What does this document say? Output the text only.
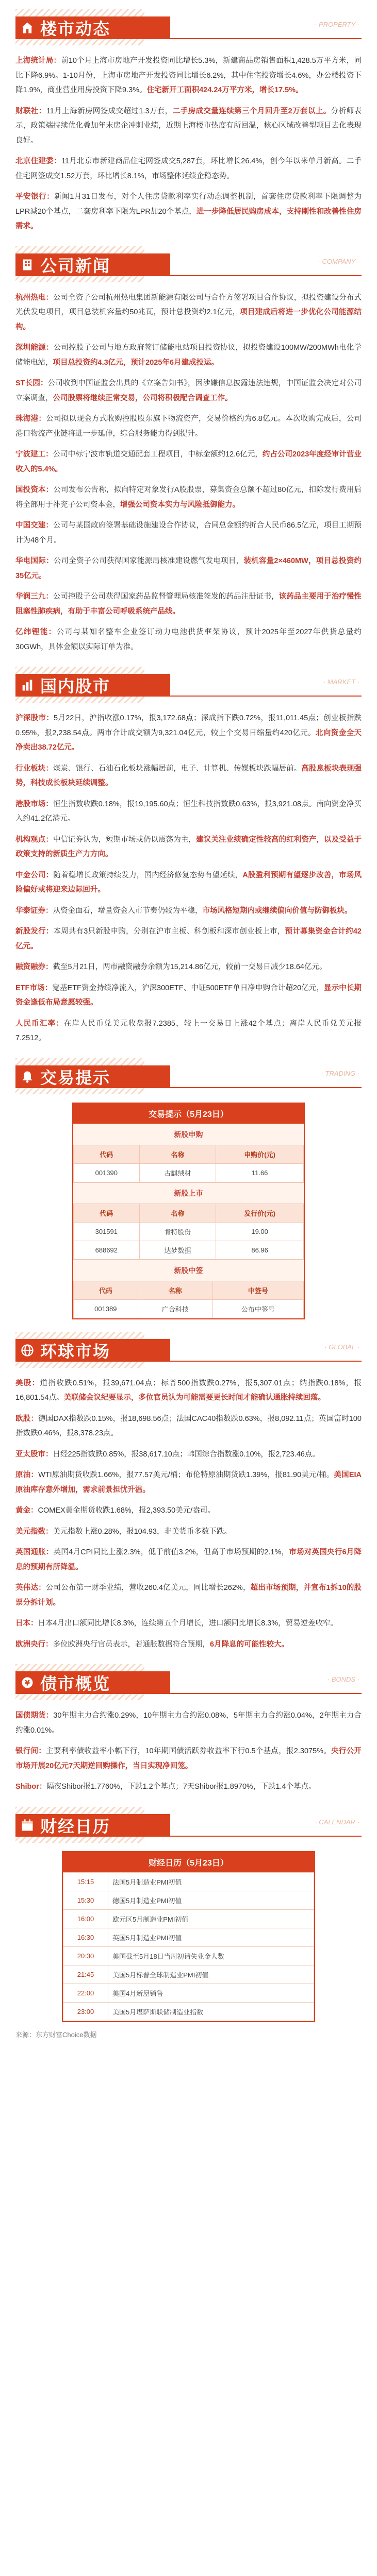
楼市动态	· PROPERTY ·

上海统计局：前10个月上海市房地产开发投资同比增长5.3%，新建商品房销售面积1,428.5万平方米，同比下降6.9%。1-10月份，上海市房地产开发投资同比增长6.2%，其中住宅投资增长4.6%，办公楼投资下降1.9%，商业营业用房投资下降9.3%。住宅新开工面积424.24万平方米，增长17.5%。

财联社：11月上海新房网签成交超过1.3万套，二手房成交量连续第三个月回升至2万套以上。分析师表示，政策端持续优化叠加年末房企冲刺业绩，近期上海楼市热度有所回温，核心区域改善型项目去化表现良好。

北京住建委：11月北京市新建商品住宅网签成交5,287套，环比增长26.4%，创今年以来单月新高。二手住宅网签成交1.52万套，环比增长8.1%，市场整体延续企稳态势。

平安银行：新闻1月31日发布，对个人住房贷款利率实行动态调整机制，首套住房贷款利率下限调整为LPR减20个基点，二套房利率下限为LPR加20个基点，进一步降低居民购房成本，支持刚性和改善性住房需求。

公司新闻	· COMPANY ·

杭州热电：公司全资子公司杭州热电集团新能源有限公司与合作方签署项目合作协议，拟投资建设分布式光伏发电项目，项目总装机容量约50兆瓦，预计总投资约2.1亿元，项目建成后将进一步优化公司能源结构。

深圳能源：公司控股子公司与地方政府签订储能电站项目投资协议，拟投资建设100MW/200MWh电化学储能电站，项目总投资约4.3亿元，预计2025年6月建成投运。

ST长园：公司收到中国证监会出具的《立案告知书》，因涉嫌信息披露违法违规，中国证监会决定对公司立案调查，公司股票将继续正常交易，公司将积极配合调查工作。

珠海港：公司拟以现金方式收购控股股东旗下物流资产，交易价格约为6.8亿元。本次收购完成后，公司港口物流产业链将进一步延伸，综合服务能力得到提升。

宁波建工：公司中标宁波市轨道交通配套工程项目，中标金额约12.6亿元，约占公司2023年度经审计营业收入的5.4%。

国投资本：公司发布公告称，拟向特定对象发行A股股票，募集资金总额不超过80亿元，扣除发行费用后将全部用于补充子公司资本金，增强公司资本实力与风险抵御能力。

中国交建：公司与某国政府签署基础设施建设合作协议，合同总金额约折合人民币86.5亿元，项目工期预计为48个月。

华电国际：公司全资子公司获得国家能源局核准建设燃气发电项目，装机容量2×460MW，项目总投资约35亿元。

华润三九：公司控股子公司获得国家药品监督管理局核准签发的药品注册证书，该药品主要用于治疗慢性阻塞性肺疾病，有助于丰富公司呼吸系统产品线。

亿纬锂能：公司与某知名整车企业签订动力电池供货框架协议，预计2025年至2027年供货总量约30GWh，具体金额以实际订单为准。

国内股市	· MARKET ·

沪深股市：5月22日，沪指收涨0.17%，报3,172.68点；深成指下跌0.72%，报11,011.45点；创业板指跌0.95%，报2,238.54点。两市合计成交额为9,321.04亿元，较上个交易日缩量约420亿元。北向资金全天净卖出38.72亿元。

行业板块：煤炭、银行、石油石化板块涨幅居前，电子、计算机、传媒板块跌幅居前。高股息板块表现强势，科技成长板块延续调整。

港股市场：恒生指数收跌0.18%，报19,195.60点；恒生科技指数跌0.63%，报3,921.08点。南向资金净买入约41.2亿港元。

机构观点：中信证券认为，短期市场或仍以震荡为主，建议关注业绩确定性较高的红利资产，以及受益于政策支持的新质生产力方向。

中金公司：随着稳增长政策持续发力，国内经济修复态势有望延续，A股盈利预期有望逐步改善，市场风险偏好或将迎来边际回升。

华泰证券：从资金面看，增量资金入市节奏仍较为平稳，市场风格短期内或继续偏向价值与防御板块。

新股发行：本周共有3只新股申购，分别在沪市主板、科创板和深市创业板上市，预计募集资金合计约42亿元。

融资融券：截至5月21日，两市融资融券余额为15,214.86亿元，较前一交易日减少18.64亿元。

ETF市场：宽基ETF资金持续净流入，沪深300ETF、中证500ETF单日净申购合计超20亿元，显示中长期资金逢低布局意愿较强。

人民币汇率：在岸人民币兑美元收盘报7.2385，较上一交易日上涨42个基点；离岸人民币兑美元报7.2512。

交易提示	· TRADING ·
交易提示（5月23日）
新股申购
代码	名称	申购价(元)
001390	古麒绒材	11.66
新股上市
代码	名称	发行价(元)
301591	肯特股份	19.00
688692	达梦数据	86.96
新股中签
代码	名称	中签号
001389	广合科技	公布中签号
环球市场	· GLOBAL ·

美股：道指收跌0.51%，报39,671.04点；标普500指数跌0.27%，报5,307.01点；纳指跌0.18%，报16,801.54点。美联储会议纪要显示，多位官员认为可能需要更长时间才能确认通胀持续回落。

欧股：德国DAX指数跌0.15%，报18,698.56点；法国CAC40指数跌0.63%，报8,092.11点；英国富时100指数跌0.46%，报8,378.23点。

亚太股市：日经225指数跌0.85%，报38,617.10点；韩国综合指数涨0.10%，报2,723.46点。

原油：WTI原油期货收跌1.66%，报77.57美元/桶；布伦特原油期货跌1.39%，报81.90美元/桶。美国EIA原油库存意外增加，需求前景担忧升温。

黄金：COMEX黄金期货收跌1.68%，报2,393.50美元/盎司。

美元指数：美元指数上涨0.28%，报104.93，非美货币多数下跌。

英国通胀：英国4月CPI同比上涨2.3%，低于前值3.2%，但高于市场预期的2.1%，市场对英国央行6月降息的预期有所降温。

英伟达：公司公布第一财季业绩，营收260.4亿美元，同比增长262%，超出市场预期，并宣布1拆10的股票分拆计划。

日本：日本4月出口额同比增长8.3%，连续第五个月增长，进口额同比增长8.3%，贸易逆差收窄。

欧洲央行：多位欧洲央行官员表示，若通胀数据符合预期，6月降息的可能性较大。

¥ 债市概览	· BONDS ·

国债期货：30年期主力合约涨0.29%，10年期主力合约涨0.08%，5年期主力合约涨0.04%，2年期主力合约涨0.01%。

银行间：主要利率债收益率小幅下行，10年期国债活跃券收益率下行0.5个基点，报2.3075%。央行公开市场开展20亿元7天期逆回购操作，当日实现净回笼。

Shibor：隔夜Shibor报1.7760%，下跌1.2个基点；7天Shibor报1.8970%，下跌1.4个基点。

财经日历	· CALENDAR ·
财经日历（5月23日）
15:15	法国5月制造业PMI初值
15:30	德国5月制造业PMI初值
16:00	欧元区5月制造业PMI初值
16:30	英国5月制造业PMI初值
20:30	美国截至5月18日当周初请失业金人数
21:45	美国5月标普全球制造业PMI初值
22:00	美国4月新屋销售
23:00	美国5月堪萨斯联储制造业指数
来源：东方财富Choice数据
